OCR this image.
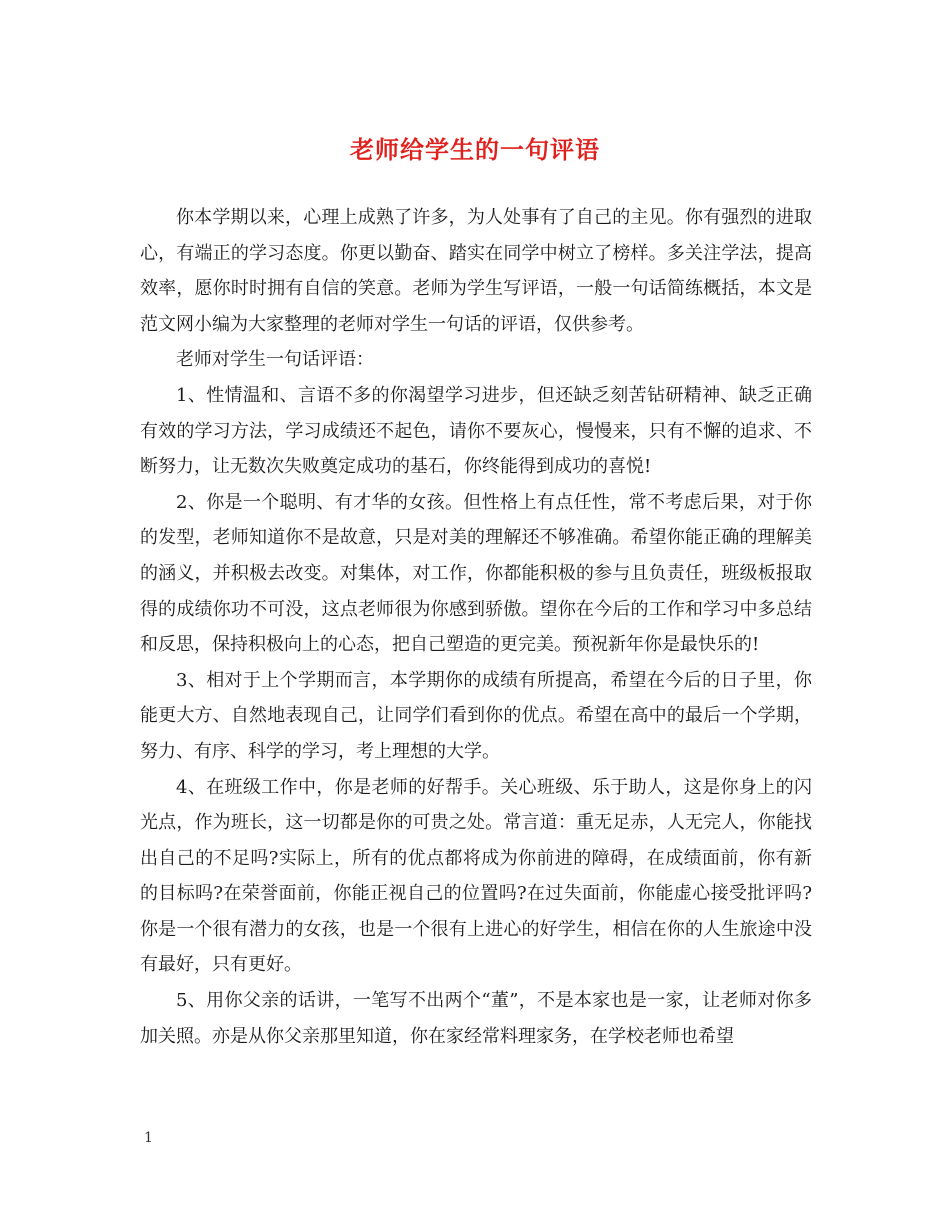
老师给学生的一句评语

你本学期以来，心理上成熟了许多，为人处事有了自己的主见。你有强烈的进取心，有端正的学习态度。你更以勤奋、踏实在同学中树立了榜样。多关注学法，提高效率，愿你时时拥有自信的笑意。老师为学生写评语，一般一句话简练概括，本文是范文网小编为大家整理的老师对学生一句话的评语，仅供参考。

老师对学生一句话评语：

1、性情温和、言语不多的你渴望学习进步，但还缺乏刻苦钻研精神、缺乏正确有效的学习方法，学习成绩还不起色，请你不要灰心，慢慢来，只有不懈的追求、不断努力，让无数次失败奠定成功的基石，你终能得到成功的喜悦!

2、你是一个聪明、有才华的女孩。但性格上有点任性，常不考虑后果，对于你的发型，老师知道你不是故意，只是对美的理解还不够准确。希望你能正确的理解美的涵义，并积极去改变。对集体，对工作，你都能积极的参与且负责任，班级板报取得的成绩你功不可没，这点老师很为你感到骄傲。望你在今后的工作和学习中多总结和反思，保持积极向上的心态，把自己塑造的更完美。预祝新年你是最快乐的!

3、相对于上个学期而言，本学期你的成绩有所提高，希望在今后的日子里，你能更大方、自然地表现自己，让同学们看到你的优点。希望在高中的最后一个学期，努力、有序、科学的学习，考上理想的大学。

4、在班级工作中，你是老师的好帮手。关心班级、乐于助人，这是你身上的闪光点，作为班长，这一切都是你的可贵之处。常言道：重无足赤，人无完人，你能找出自己的不足吗?实际上，所有的优点都将成为你前进的障碍，在成绩面前，你有新的目标吗?在荣誉面前，你能正视自己的位置吗?在过失面前，你能虚心接受批评吗?你是一个很有潜力的女孩，也是一个很有上进心的好学生，相信在你的人生旅途中没有最好，只有更好。

5、用你父亲的话讲，一笔写不出两个“董”，不是本家也是一家，让老师对你多加关照。亦是从你父亲那里知道，你在家经常料理家务，在学校老师也希望

1
